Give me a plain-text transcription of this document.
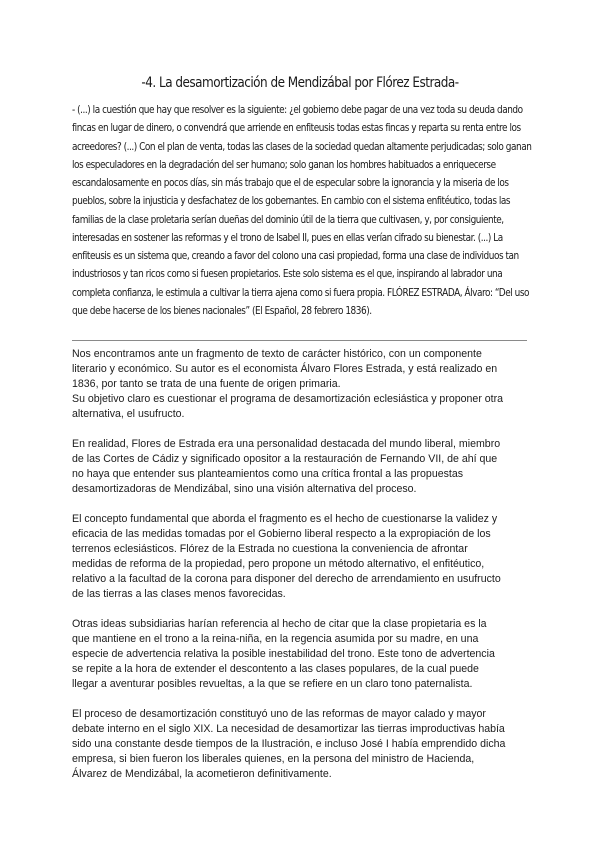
-4. La desamortización de Mendizábal por Flórez Estrada-
- (...) la cuestión que hay que resolver es la siguiente: ¿el gobierno debe pagar de una vez toda su deuda dando
fincas en lugar de dinero, o convendrá que arriende en enfiteusis todas estas fincas y reparta su renta entre los
acreedores? (...) Con el plan de venta, todas las clases de la sociedad quedan altamente perjudicadas; solo ganan
los especuladores en la degradación del ser humano; solo ganan los hombres habituados a enriquecerse
escandalosamente en pocos días, sin más trabajo que el de especular sobre la ignorancia y la miseria de los
pueblos, sobre la injusticia y desfachatez de los gobernantes. En cambio con el sistema enfitéutico, todas las
familias de la clase proletaria serían dueñas del dominio útil de la tierra que cultivasen, y, por consiguiente,
interesadas en sostener las reformas y el trono de Isabel II, pues en ellas verían cifrado su bienestar. (...) La
enfiteusis es un sistema que, creando a favor del colono una casi propiedad, forma una clase de individuos tan
industriosos y tan ricos como si fuesen propietarios. Este solo sistema es el que, inspirando al labrador una
completa confianza, le estimula a cultivar la tierra ajena como si fuera propia. FLÓREZ ESTRADA, Álvaro: “Del uso
que debe hacerse de los bienes nacionales” (El Español, 28 febrero 1836).

Nos encontramos ante un fragmento de texto de carácter histórico, con un componente
literario y económico. Su autor es el economista Álvaro Flores Estrada, y está realizado en
1836, por tanto se trata de una fuente de origen primaria.
Su objetivo claro es cuestionar el programa de desamortización eclesiástica y proponer otra
alternativa, el usufructo.

En realidad, Flores de Estrada era una personalidad destacada del mundo liberal, miembro
de las Cortes de Cádiz y significado opositor a la restauración de Fernando VII, de ahí que
no haya que entender sus planteamientos como una crítica frontal a las propuestas
desamortizadoras de Mendizábal, sino una visión alternativa del proceso.

El concepto fundamental que aborda el fragmento es el hecho de cuestionarse la validez y
eficacia de las medidas tomadas por el Gobierno liberal respecto a la expropiación de los
terrenos eclesiásticos. Flórez de la Estrada no cuestiona la conveniencia de afrontar
medidas de reforma de la propiedad, pero propone un método alternativo, el enfitéutico,
relativo a la facultad de la corona para disponer del derecho de arrendamiento en usufructo
de las tierras a las clases menos favorecidas.

Otras ideas subsidiarias harían referencia al hecho de citar que la clase propietaria es la
que mantiene en el trono a la reina-niña, en la regencia asumida por su madre, en una
especie de advertencia relativa la posible inestabilidad del trono. Este tono de advertencia
se repite a la hora de extender el descontento a las clases populares, de la cual puede
llegar a aventurar posibles revueltas, a la que se refiere en un claro tono paternalista.

El proceso de desamortización constituyó uno de las reformas de mayor calado y mayor
debate interno en el siglo XIX. La necesidad de desamortizar las tierras improductivas había
sido una constante desde tiempos de la Ilustración, e incluso José I había emprendido dicha
empresa, si bien fueron los liberales quienes, en la persona del ministro de Hacienda,
Álvarez de Mendizábal, la acometieron definitivamente.
